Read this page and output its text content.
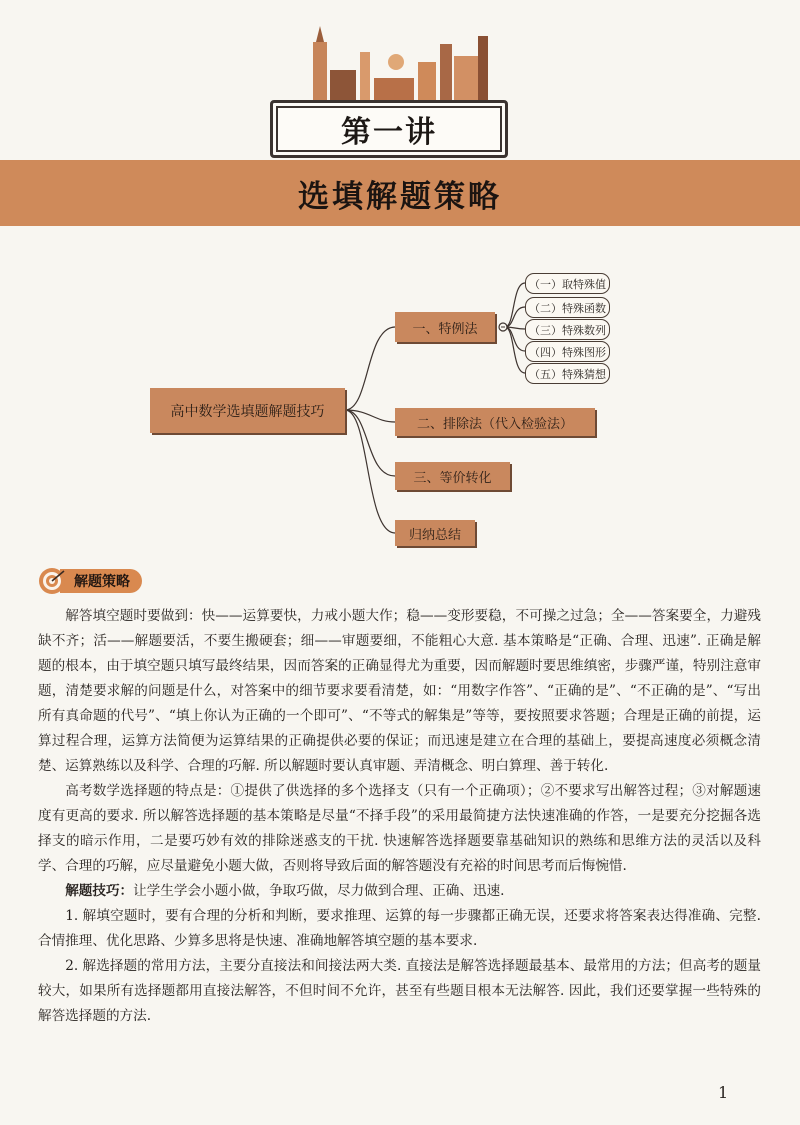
第一讲
选填解题策略
高中数学选填题解题技巧
一、特例法
二、排除法（代入检验法）
三、等价转化
归纳总结
（一）取特殊值
（二）特殊函数
（三）特殊数列
（四）特殊图形
（五）特殊猜想
解题策略

解答填空题时要做到：快——运算要快，力戒小题大作；稳——变形要稳，不可操之过急；全——答案要全，力避残缺不齐；活——解题要活，不要生搬硬套；细——审题要细，不能粗心大意. 基本策略是“正确、合理、迅速”. 正确是解题的根本，由于填空题只填写最终结果，因而答案的正确显得尤为重要，因而解题时要思维缜密，步骤严谨，特别注意审题，清楚要求解的问题是什么，对答案中的细节要求要看清楚，如：“用数字作答”、“正确的是”、“不正确的是”、“写出所有真命题的代号”、“填上你认为正确的一个即可”、“不等式的解集是”等等，要按照要求答题；合理是正确的前提，运算过程合理，运算方法简便为运算结果的正确提供必要的保证；而迅速是建立在合理的基础上，要提高速度必须概念清楚、运算熟练以及科学、合理的巧解. 所以解题时要认真审题、弄清概念、明白算理、善于转化.

高考数学选择题的特点是：①提供了供选择的多个选择支（只有一个正确项）；②不要求写出解答过程；③对解题速度有更高的要求. 所以解答选择题的基本策略是尽量“不择手段”的采用最简捷方法快速准确的作答，一是要充分挖掘各选择支的暗示作用，二是要巧妙有效的排除迷惑支的干扰. 快速解答选择题要靠基础知识的熟练和思维方法的灵活以及科学、合理的巧解，应尽量避免小题大做，否则将导致后面的解答题没有充裕的时间思考而后悔惋惜.

解题技巧：让学生学会小题小做，争取巧做，尽力做到合理、正确、迅速.

1. 解填空题时，要有合理的分析和判断，要求推理、运算的每一步骤都正确无误，还要求将答案表达得准确、完整. 合情推理、优化思路、少算多思将是快速、准确地解答填空题的基本要求.

2. 解选择题的常用方法，主要分直接法和间接法两大类. 直接法是解答选择题最基本、最常用的方法；但高考的题量较大，如果所有选择题都用直接法解答，不但时间不允许，甚至有些题目根本无法解答. 因此，我们还要掌握一些特殊的解答选择题的方法.

1
